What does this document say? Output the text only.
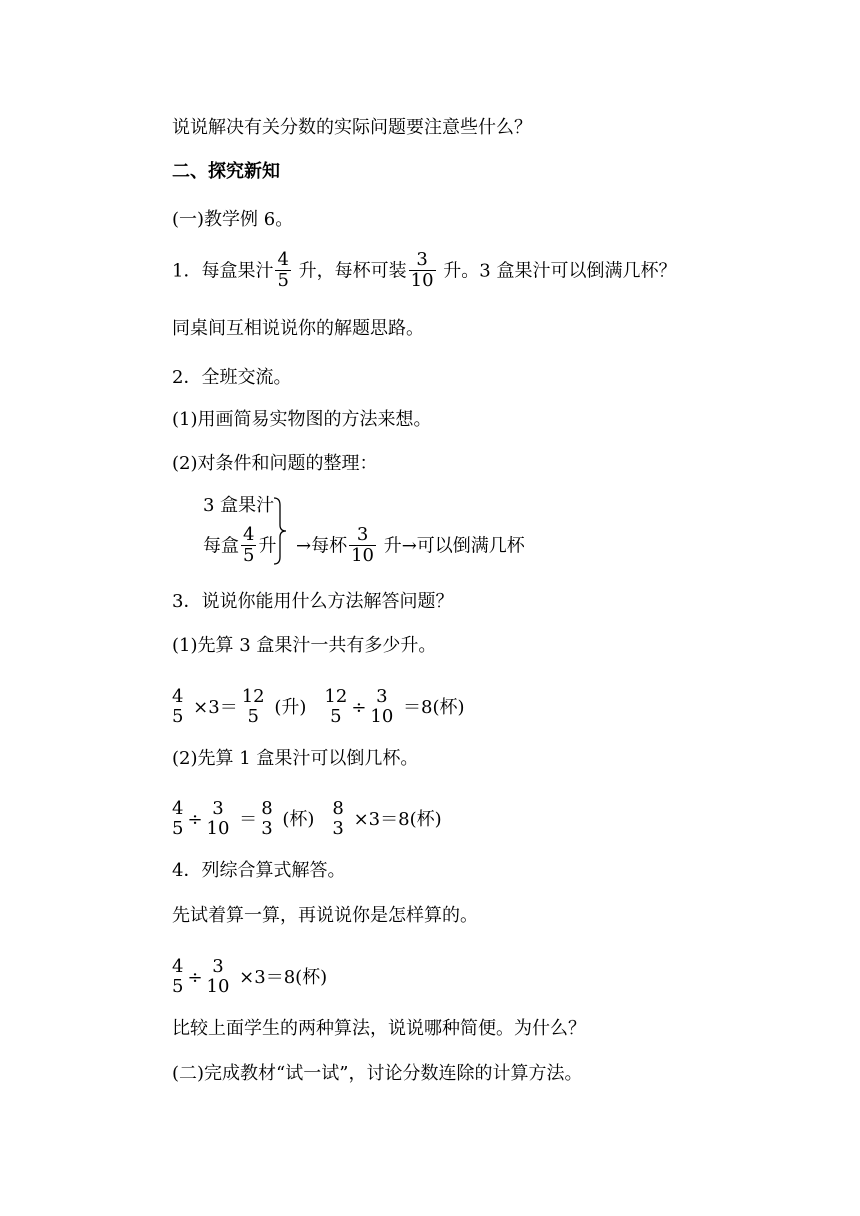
说说解决有关分数的实际问题要注意些什么？
二、探究新知
(一)教学例 6。
1．每盒果汁 $\frac{4}{5}$ 升，每杯可装 $\frac{3}{10}$ 升。3 盒果汁可以倒满几杯？
同桌间互相说说你的解题思路。
2．全班交流。
(1)用画简易实物图的方法来想。
(2)对条件和问题的整理：
3 盒果汁
每盒 $\frac{4}{5}$ 升 →每杯 $\frac{3}{10}$ 升→可以倒满几杯
3．说说你能用什么方法解答问题？
(1)先算 3 盒果汁一共有多少升。
4
5 ×3＝
12
5 (升)
12
5 ÷
3
10 ＝8(杯)
(2)先算 1 盒果汁可以倒几杯。
4
5 ÷
3
10 ＝
8
3 (杯)
8
3 ×3＝8(杯)
4．列综合算式解答。
先试着算一算，再说说你是怎样算的。
4
5 ÷
3
10 ×3＝8(杯)
比较上面学生的两种算法，说说哪种简便。为什么？
(二)完成教材“试一试”，讨论分数连除的计算方法。
